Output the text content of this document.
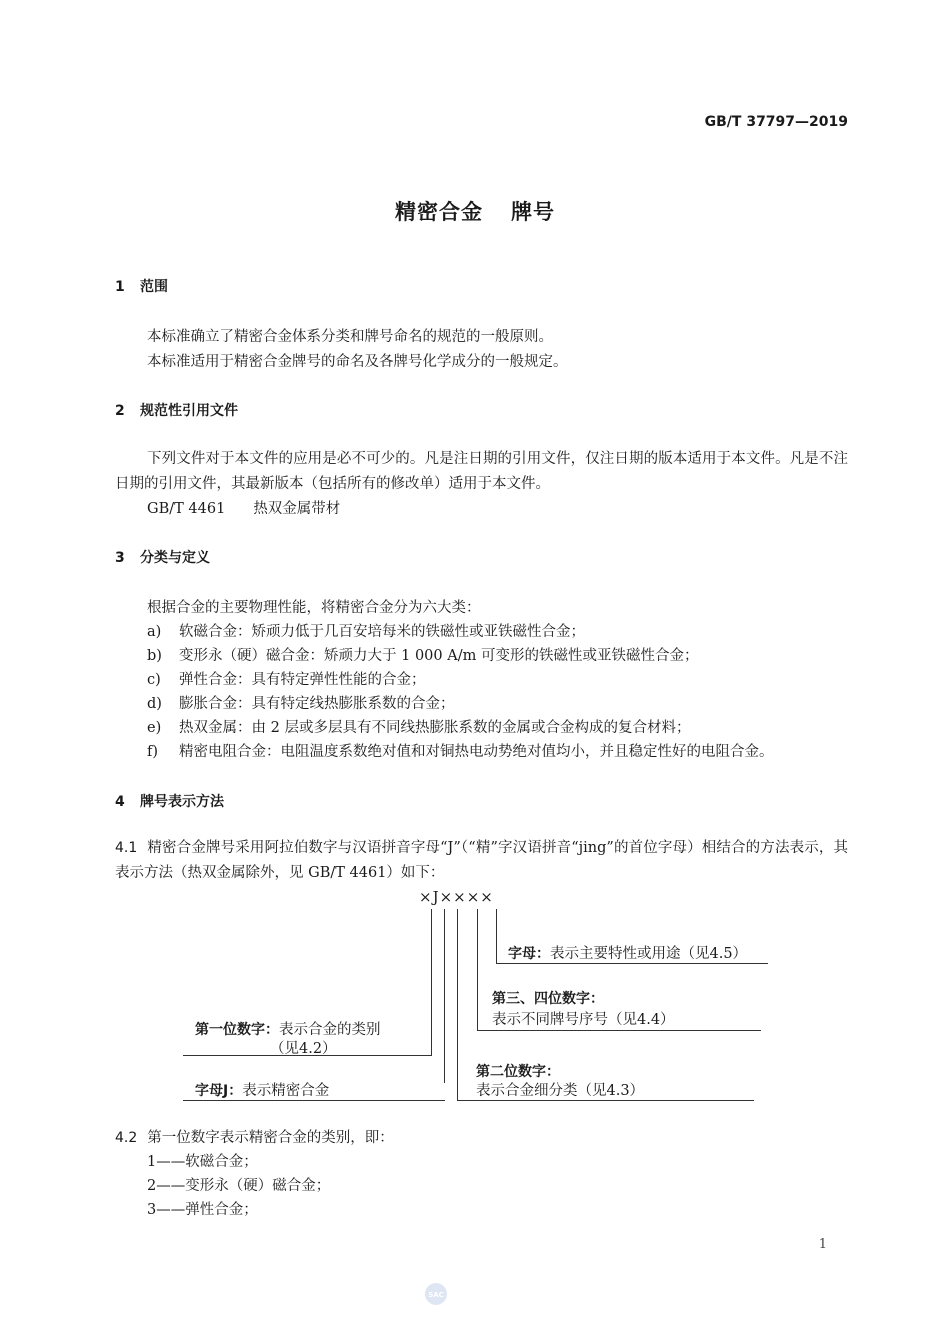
GB/T 37797—2019
精密合金 牌号
1 范围
本标准确立了精密合金体系分类和牌号命名的规范的一般原则。
本标准适用于精密合金牌号的命名及各牌号化学成分的一般规定。
2 规范性引用文件
下列文件对于本文件的应用是必不可少的。凡是注日期的引用文件，仅注日期的版本适用于本文件。凡是不注日期的引用文件，其最新版本（包括所有的修改单）适用于本文件。
GB/T 4461 热双金属带材
3 分类与定义
根据合金的主要物理性能，将精密合金分为六大类：
a) 软磁合金：矫顽力低于几百安培每米的铁磁性或亚铁磁性合金；
b) 变形永（硬）磁合金：矫顽力大于 1 000 A/m 可变形的铁磁性或亚铁磁性合金；
c) 弹性合金：具有特定弹性性能的合金；
d) 膨胀合金：具有特定线热膨胀系数的合金；
e) 热双金属：由 2 层或多层具有不同线热膨胀系数的金属或合金构成的复合材料；
f) 精密电阻合金：电阻温度系数绝对值和对铜热电动势绝对值均小，并且稳定性好的电阻合金。
4 牌号表示方法
4.1 精密合金牌号采用阿拉伯数字与汉语拼音字母“J”（“精”字汉语拼音“jing”的首位字母）相结合的方法表示，其表示方法（热双金属除外，见 GB/T 4461）如下：
×J××××
字母：表示主要特性或用途（见4.5）
第三、四位数字：
表示不同牌号序号（见4.4）
第一位数字：表示合金的类别
（见4.2）
第二位数字：
表示合金细分类（见4.3）
字母J：表示精密合金
4.2 第一位数字表示精密合金的类别，即：
1——软磁合金；
2——变形永（硬）磁合金；
3——弹性合金；
1
SAC
